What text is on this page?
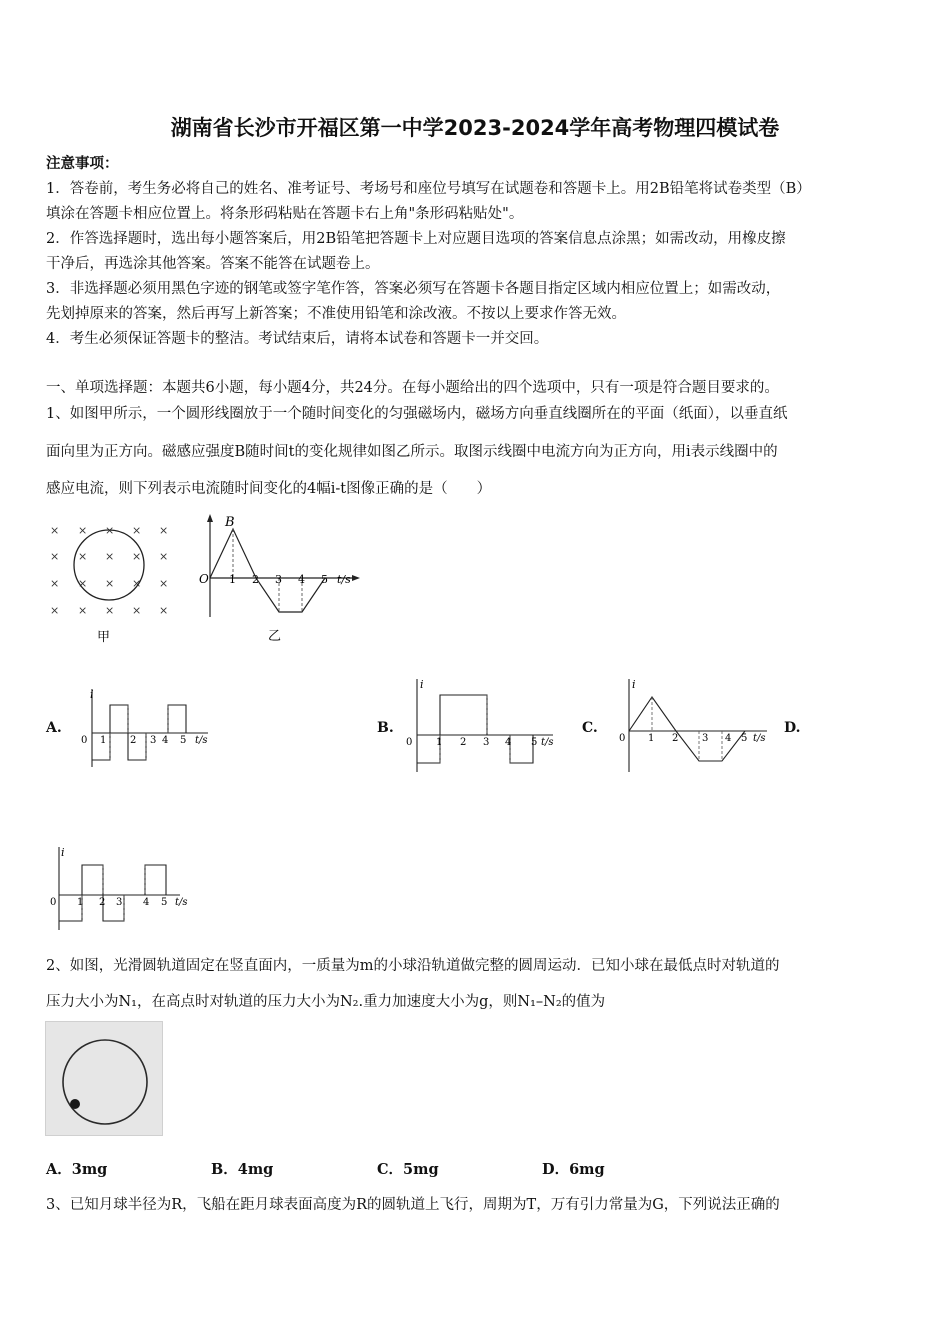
湖南省长沙市开福区第一中学2023-2024学年高考物理四模试卷
注意事项：
1．答卷前，考生务必将自己的姓名、准考证号、考场号和座位号填写在试题卷和答题卡上。用2B铅笔将试卷类型（B）
填涂在答题卡相应位置上。将条形码粘贴在答题卡右上角"条形码粘贴处"。
2．作答选择题时，选出每小题答案后，用2B铅笔把答题卡上对应题目选项的答案信息点涂黑；如需改动，用橡皮擦
干净后，再选涂其他答案。答案不能答在试题卷上。
3．非选择题必须用黑色字迹的钢笔或签字笔作答，答案必须写在答题卡各题目指定区域内相应位置上；如需改动，
先划掉原来的答案，然后再写上新答案；不准使用铅笔和涂改液。不按以上要求作答无效。
4．考生必须保证答题卡的整洁。考试结束后，请将本试卷和答题卡一并交回。
一、单项选择题：本题共6小题，每小题4分，共24分。在每小题给出的四个选项中，只有一项是符合题目要求的。
1、如图甲所示，一个圆形线圈放于一个随时间变化的匀强磁场内，磁场方向垂直线圈所在的平面（纸面），以垂直纸
面向里为正方向。磁感应强度B随时间t的变化规律如图乙所示。取图示线圈中电流方向为正方向，用i表示线圈中的
感应电流，则下列表示电流随时间变化的4幅i-t图像正确的是（　　）
× × × × ×
× × × × ×
× × × × ×
× × × × ×
甲
B
O 1 2 3 4 5 t/s
乙
A.
i
0 1 2 3 4 5 t/s
B.
i
0 1 2 3 4 5 t/s
C.
i
0 1 2 3 4 5 t/s
D.
i
0 1 2 3 4 5 t/s
2、如图，光滑圆轨道固定在竖直面内，一质量为m的小球沿轨道做完整的圆周运动．已知小球在最低点时对轨道的
压力大小为N₁，在高点时对轨道的压力大小为N₂.重力加速度大小为g，则N₁–N₂的值为
A．3mg	B．4mg	C．5mg	D．6mg
3、已知月球半径为R，飞船在距月球表面高度为R的圆轨道上飞行，周期为T，万有引力常量为G，下列说法正确的
